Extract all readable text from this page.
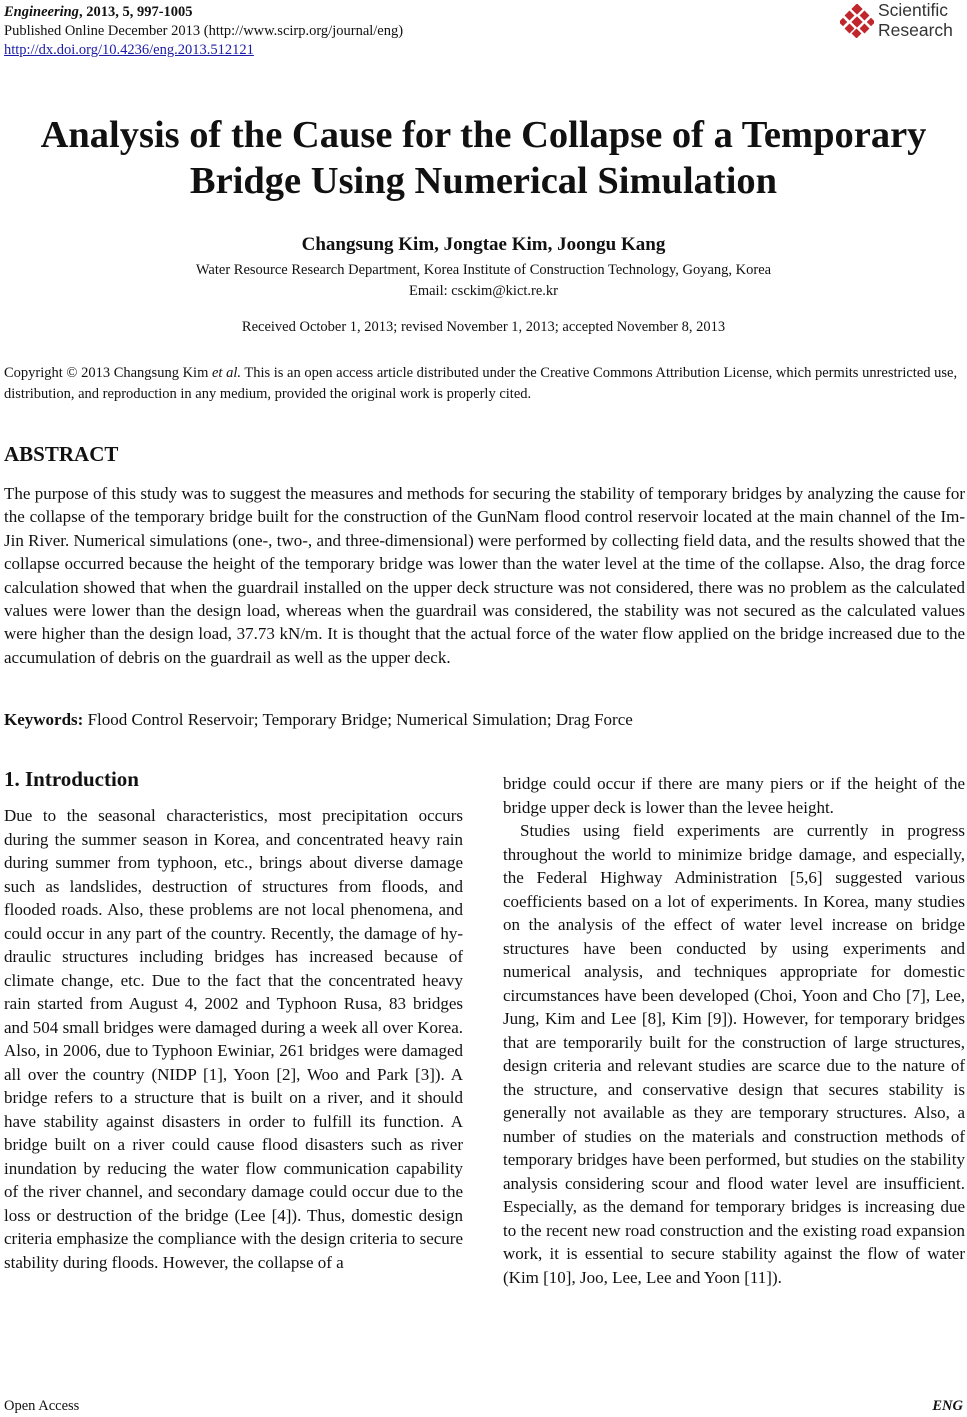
Engineering, 2013, 5, 997-1005
Published Online December 2013 (http://www.scirp.org/journal/eng)
http://dx.doi.org/10.4236/eng.2013.512121
Scientific
Research
Analysis of the Cause for the Collapse of a Temporary
Bridge Using Numerical Simulation
Changsung Kim, Jongtae Kim, Joongu Kang
Water Resource Research Department, Korea Institute of Construction Technology, Goyang, Korea
Email: csckim@kict.re.kr
Received October 1, 2013; revised November 1, 2013; accepted November 8, 2013
Copyright © 2013 Changsung Kim et al. This is an open access article distributed under the Creative Commons Attribution License, which permits unrestricted use, distribution, and reproduction in any medium, provided the original work is properly cited.
ABSTRACT
The purpose of this study was to suggest the measures and methods for securing the stability of temporary bridges by analyzing the cause for the collapse of the temporary bridge built for the construction of the GunNam flood control reservoir located at the main channel of the Im-Jin River. Numerical simulations (one-, two-, and three-dimensional) were performed by collecting field data, and the results showed that the collapse occurred because the height of the temporary bridge was lower than the water level at the time of the collapse. Also, the drag force calculation showed that when the guardrail installed on the upper deck structure was not considered, there was no problem as the calculated values were lower than the design load, whereas when the guardrail was considered, the stability was not secured as the calculated values were higher than the design load, 37.73 kN/m. It is thought that the actual force of the water flow applied on the bridge increased due to the accumulation of debris on the guardrail as well as the upper deck.
Keywords: Flood Control Reservoir; Temporary Bridge; Numerical Simulation; Drag Force
1. Introduction

Due to the seasonal characteristics, most precipitation occurs during the summer season in Korea, and concentrated heavy rain during summer from typhoon, etc., brings about diverse damage such as landslides, destruction of structures from floods, and flooded roads. Also, these problems are not local phenomena, and could occur in any part of the country. Recently, the damage of hydraulic structures including bridges has increased because of climate change, etc. Due to the fact that the concentrated heavy rain started from August 4, 2002 and Typhoon Rusa, 83 bridges and 504 small bridges were damaged during a week all over Korea. Also, in 2006, due to Typhoon Ewiniar, 261 bridges were damaged all over the country (NIDP [1], Yoon [2], Woo and Park [3]). A bridge refers to a structure that is built on a river, and it should have stability against disasters in order to fulfill its function. A bridge built on a river could cause flood disasters such as river inundation by reducing the water flow communication capability of the river channel, and secondary damage could occur due to the loss or destruction of the bridge (Lee [4]). Thus, domestic design criteria emphasize the compliance with the design criteria to secure stability during floods. However, the collapse of a

bridge could occur if there are many piers or if the height of the bridge upper deck is lower than the levee height.

Studies using field experiments are currently in progress throughout the world to minimize bridge damage, and especially, the Federal Highway Administration [5,6] suggested various coefficients based on a lot of experiments. In Korea, many studies on the analysis of the effect of water level increase on bridge structures have been conducted by using experiments and numerical analysis, and techniques appropriate for domestic circumstances have been developed (Choi, Yoon and Cho [7], Lee, Jung, Kim and Lee [8], Kim [9]). However, for temporary bridges that are temporarily built for the construction of large structures, design criteria and relevant studies are scarce due to the nature of the structure, and conservative design that secures stability is generally not available as they are temporary structures. Also, a number of studies on the materials and construction methods of temporary bridges have been performed, but studies on the stability analysis considering scour and flood water level are insufficient. Especially, as the demand for temporary bridges is increasing due to the recent new road construction and the existing road expansion work, it is essential to secure stability against the flow of water (Kim [10], Joo, Lee, Lee and Yoon [11]).

Open Access	ENG
